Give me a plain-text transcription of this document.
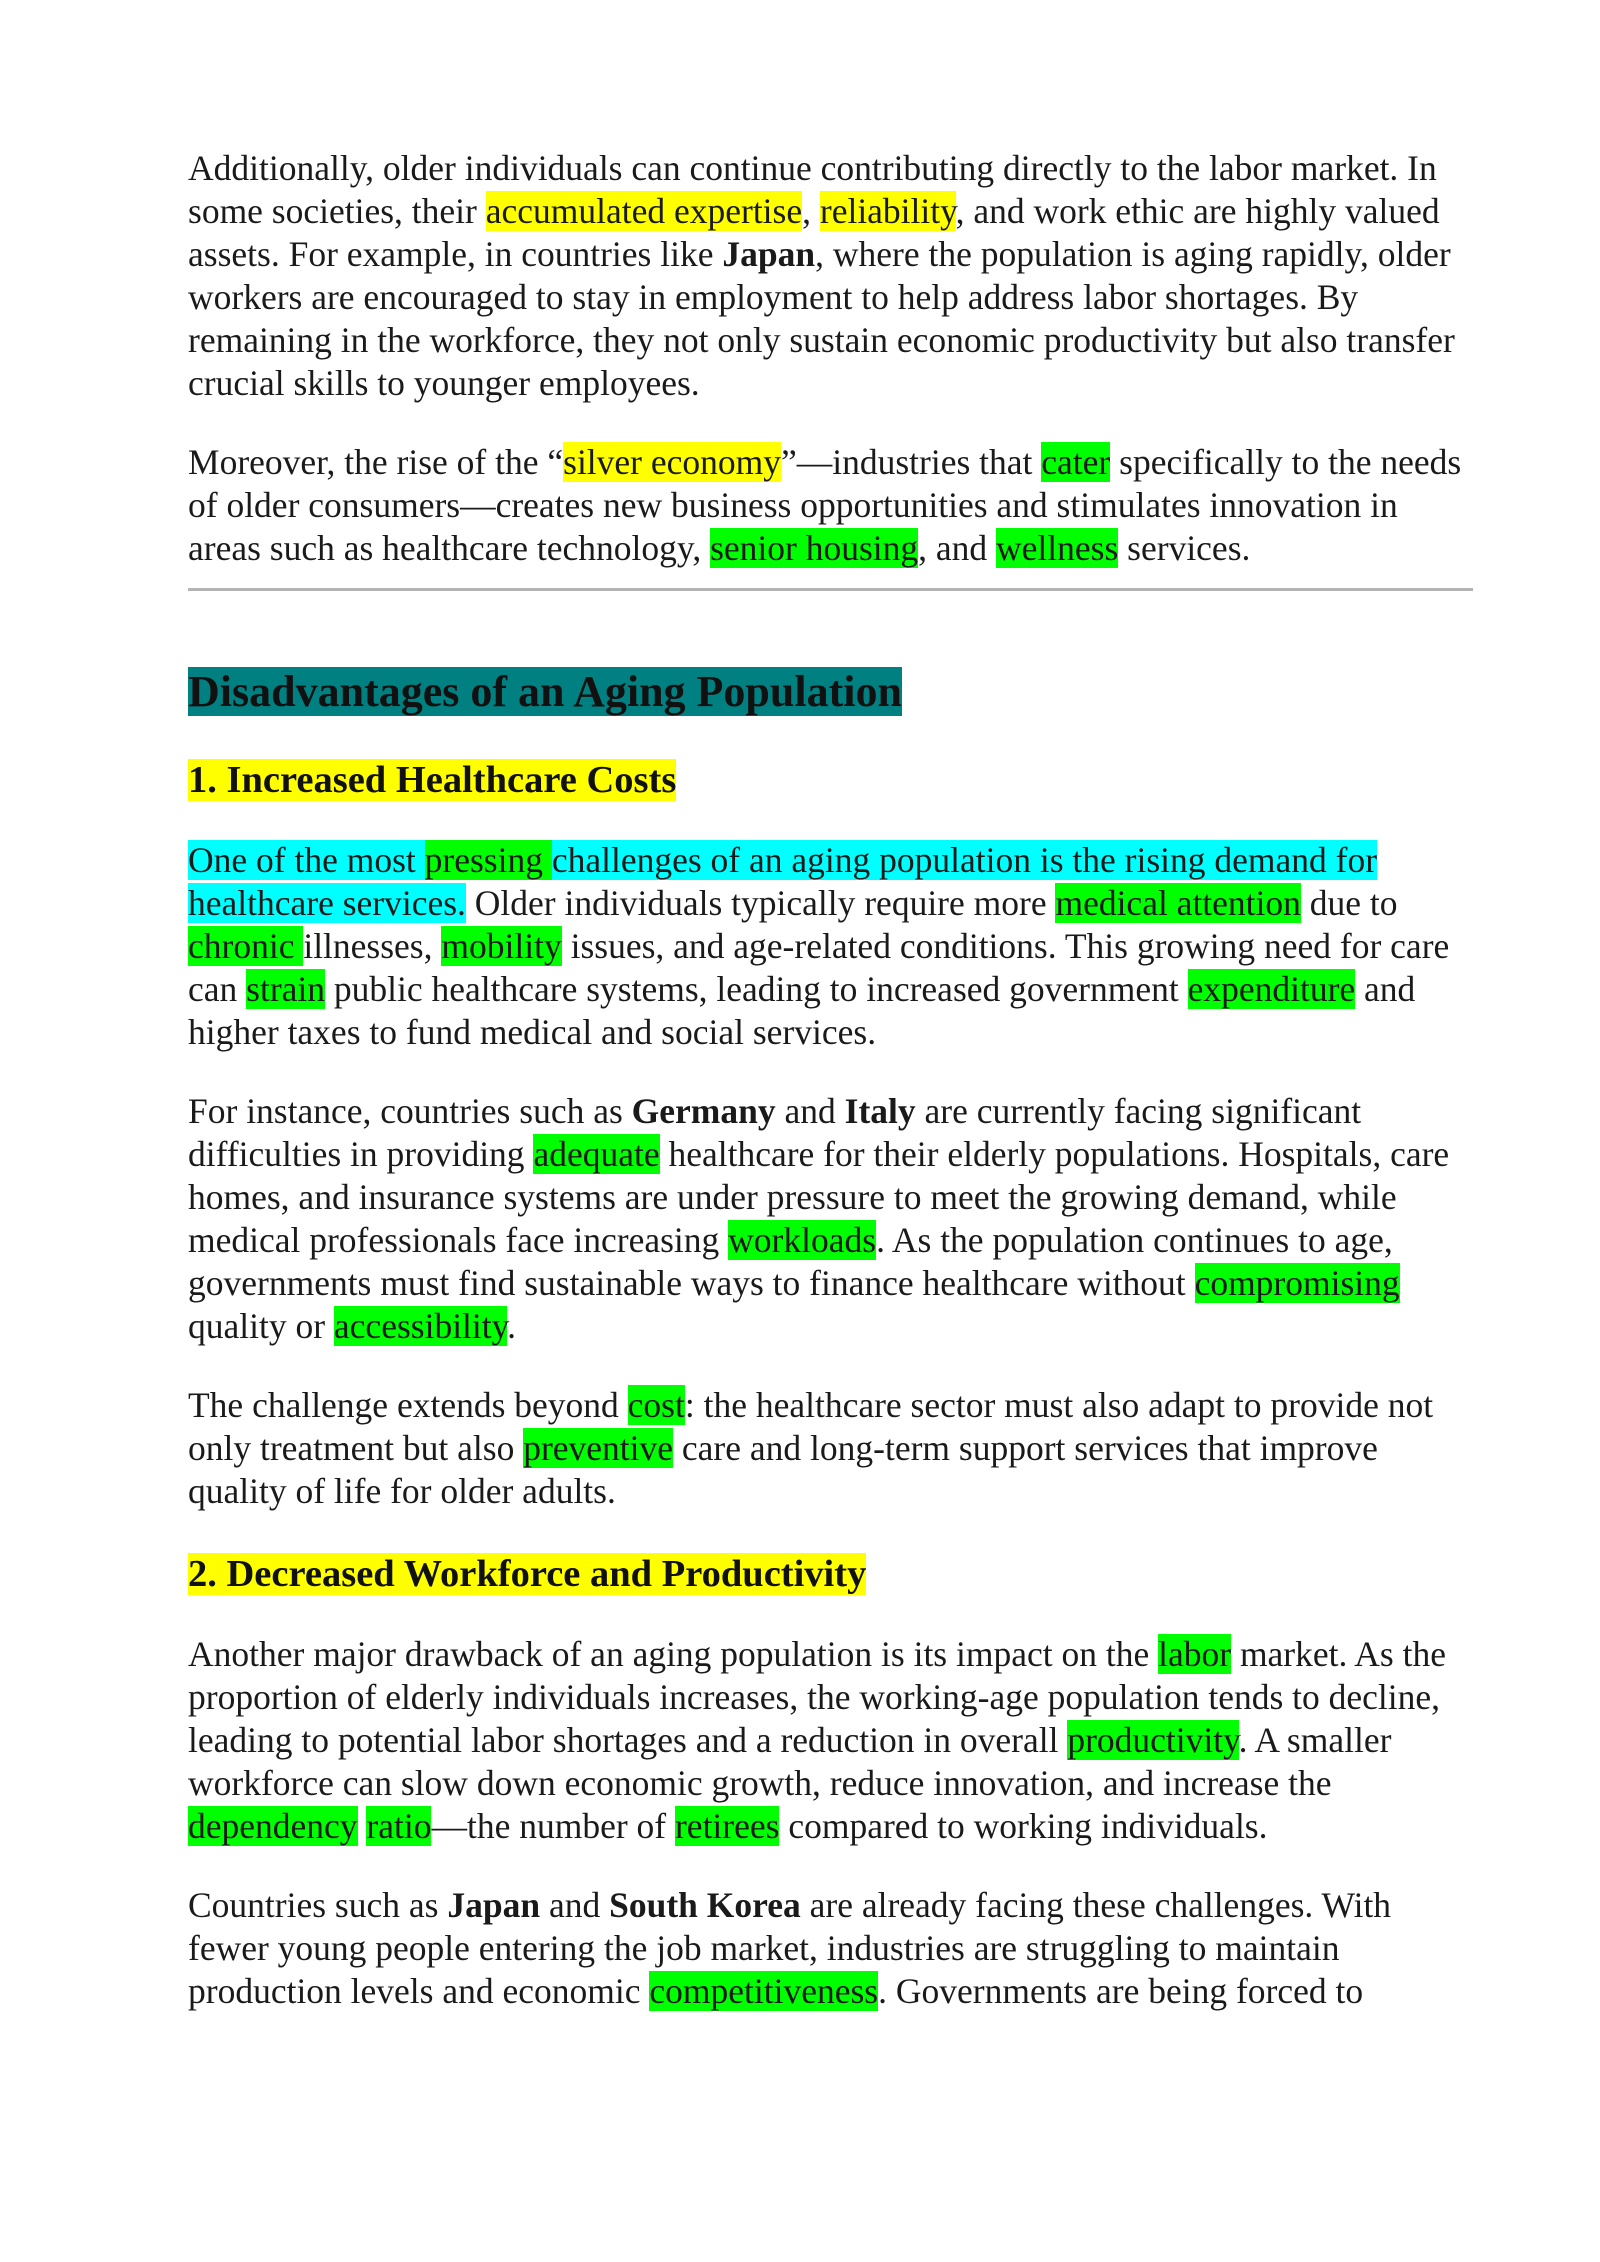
Additionally, older individuals can continue contributing directly to the labor market. In some societies, their accumulated expertise, reliability, and work ethic are highly valued assets. For example, in countries like Japan, where the population is aging rapidly, older workers are encouraged to stay in employment to help address labor shortages. By remaining in the workforce, they not only sustain economic productivity but also transfer crucial skills to younger employees.

Moreover, the rise of the “silver economy”—industries that cater specifically to the needs of older consumers—creates new business opportunities and stimulates innovation in areas such as healthcare technology, senior housing, and wellness services.

Disadvantages of an Aging Population
1. Increased Healthcare Costs

One of the most pressing challenges of an aging population is the rising demand for healthcare services. Older individuals typically require more medical attention due to chronic illnesses, mobility issues, and age-related conditions. This growing need for care can strain public healthcare systems, leading to increased government expenditure and higher taxes to fund medical and social services.

For instance, countries such as Germany and Italy are currently facing significant difficulties in providing adequate healthcare for their elderly populations. Hospitals, care homes, and insurance systems are under pressure to meet the growing demand, while medical professionals face increasing workloads. As the population continues to age, governments must find sustainable ways to finance healthcare without compromising quality or accessibility.

The challenge extends beyond cost: the healthcare sector must also adapt to provide not only treatment but also preventive care and long-term support services that improve quality of life for older adults.

2. Decreased Workforce and Productivity

Another major drawback of an aging population is its impact on the labor market. As the proportion of elderly individuals increases, the working-age population tends to decline, leading to potential labor shortages and a reduction in overall productivity. A smaller workforce can slow down economic growth, reduce innovation, and increase the dependency ratio—the number of retirees compared to working individuals.

Countries such as Japan and South Korea are already facing these challenges. With fewer young people entering the job market, industries are struggling to maintain production levels and economic competitiveness. Governments are being forced to
